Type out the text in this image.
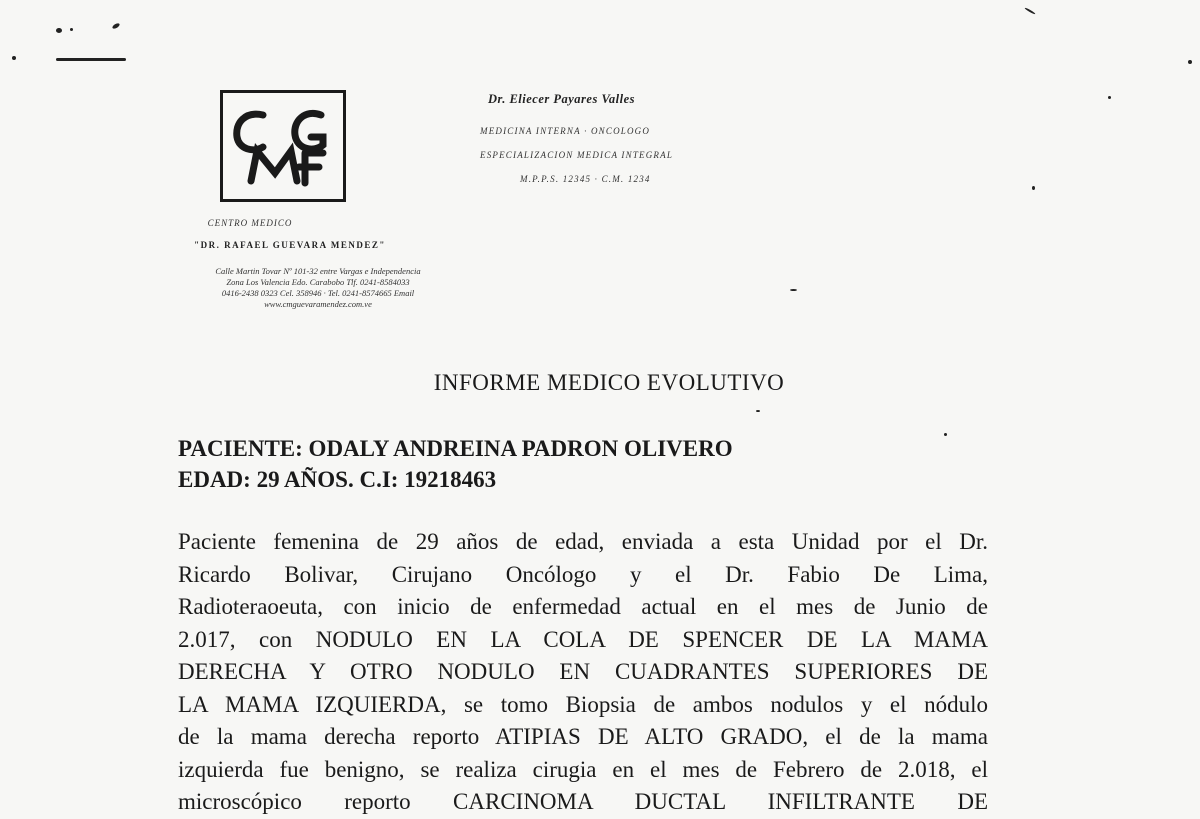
CENTRO MEDICO
"DR. RAFAEL GUEVARA MENDEZ"
Calle Martin Tovar Nº 101-32 entre Vargas e Independencia
Zona Los Valencia Edo. Carabobo Tlf. 0241-8584033
0416-2438 0323 Cel. 358946 · Tel. 0241-8574665 Email
www.cmguevaramendez.com.ve
Dr. Eliecer Payares Valles
MEDICINA INTERNA · ONCOLOGO
ESPECIALIZACION MEDICA INTEGRAL
M.P.P.S. 12345 · C.M. 1234
INFORME MEDICO EVOLUTIVO
PACIENTE: ODALY ANDREINA PADRON OLIVERO
EDAD: 29 AÑOS. C.I: 19218463
Paciente femenina de 29 años de edad, enviada a esta Unidad por el Dr.
Ricardo Bolivar, Cirujano Oncólogo y el Dr. Fabio De Lima,
Radioteraoeuta, con inicio de enfermedad actual en el mes de Junio de
2.017, con NODULO EN LA COLA DE SPENCER DE LA MAMA
DERECHA Y OTRO NODULO EN CUADRANTES SUPERIORES DE
LA MAMA IZQUIERDA, se tomo Biopsia de ambos nodulos y el nódulo
de la mama derecha reporto ATIPIAS DE ALTO GRADO, el de la mama
izquierda fue benigno, se realiza cirugia en el mes de Febrero de 2.018, el
microscópico reporto CARCINOMA DUCTAL INFILTRANTE DE
